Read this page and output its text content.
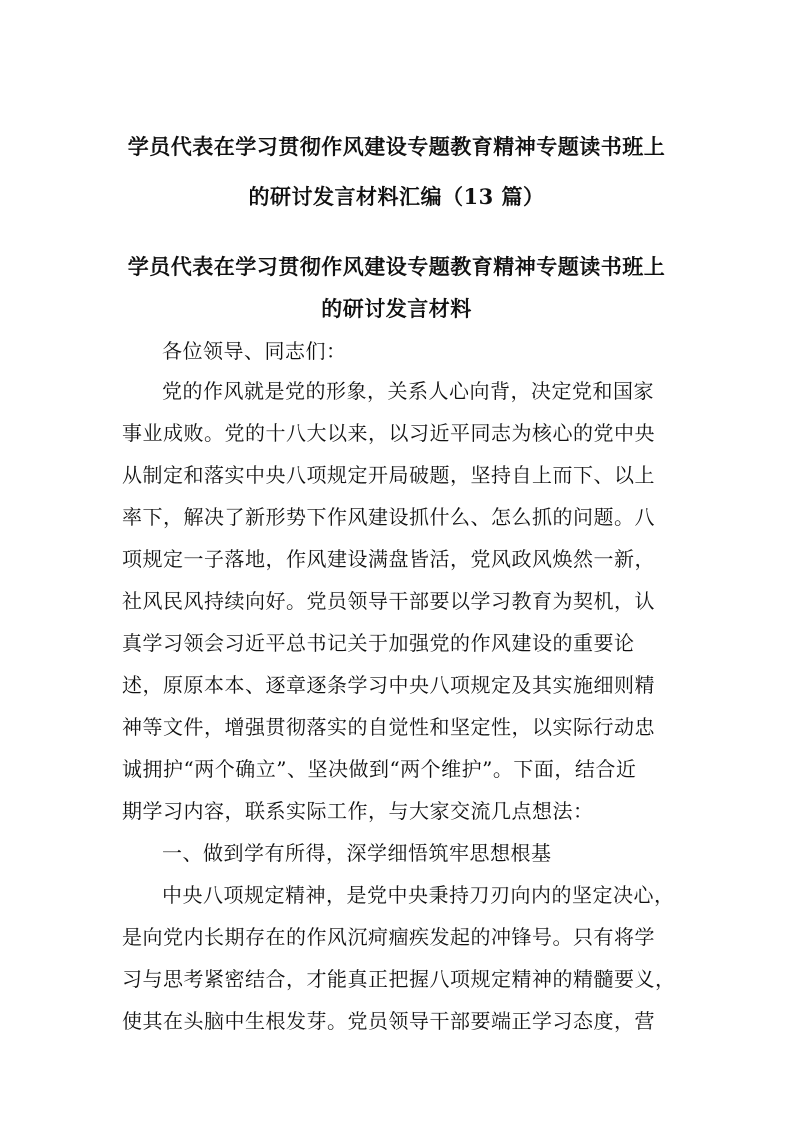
学员代表在学习贯彻作风建设专题教育精神专题读书班上
的研讨发言材料汇编（13 篇）
学员代表在学习贯彻作风建设专题教育精神专题读书班上
的研讨发言材料
各位领导、同志们：
党的作风就是党的形象，关系人心向背，决定党和国家
事业成败。党的十八大以来，以习近平同志为核心的党中央
从制定和落实中央八项规定开局破题，坚持自上而下、以上
率下，解决了新形势下作风建设抓什么、怎么抓的问题。八
项规定一子落地，作风建设满盘皆活，党风政风焕然一新，
社风民风持续向好。党员领导干部要以学习教育为契机，认
真学习领会习近平总书记关于加强党的作风建设的重要论
述，原原本本、逐章逐条学习中央八项规定及其实施细则精
神等文件，增强贯彻落实的自觉性和坚定性，以实际行动忠
诚拥护“两个确立”、坚决做到“两个维护”。下面，结合近
期学习内容，联系实际工作，与大家交流几点想法：
一、做到学有所得，深学细悟筑牢思想根基
中央八项规定精神，是党中央秉持刀刃向内的坚定决心，
是向党内长期存在的作风沉疴痼疾发起的冲锋号。只有将学
习与思考紧密结合，才能真正把握八项规定精神的精髓要义，
使其在头脑中生根发芽。党员领导干部要端正学习态度，营
